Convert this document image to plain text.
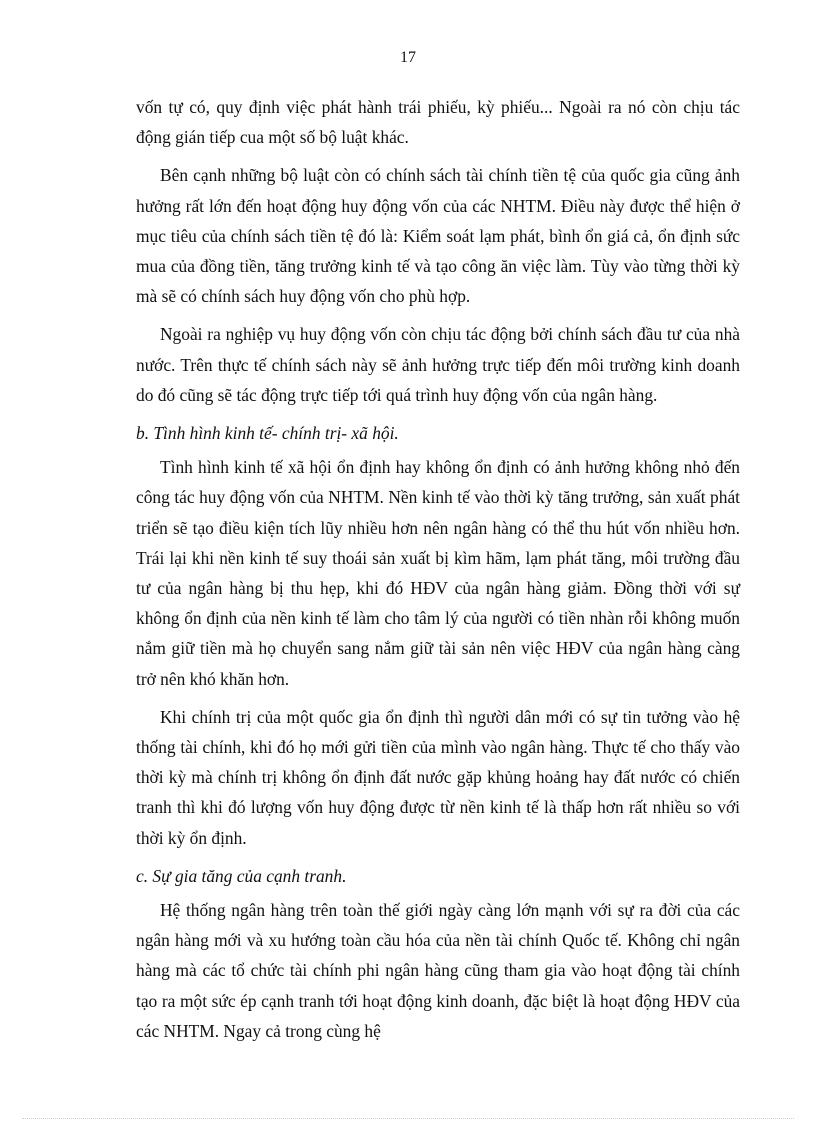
17

vốn tự có, quy định việc phát hành trái phiếu, kỳ phiếu... Ngoài ra nó còn chịu tác động gián tiếp cua một số bộ luật khác.

Bên cạnh những bộ luật còn có chính sách tài chính tiền tệ của quốc gia cũng ảnh hưởng rất lớn đến hoạt động huy động vốn của các NHTM. Điều này được thể hiện ở mục tiêu của chính sách tiền tệ đó là: Kiểm soát lạm phát, bình ổn giá cả, ổn định sức mua của đồng tiền, tăng trưởng kinh tế và tạo công ăn việc làm. Tùy vào từng thời kỳ mà sẽ có chính sách huy động vốn cho phù hợp.

Ngoài ra nghiệp vụ huy động vốn còn chịu tác động bởi chính sách đầu tư của nhà nước. Trên thực tế chính sách này sẽ ảnh hưởng trực tiếp đến môi trường kinh doanh do đó cũng sẽ tác động trực tiếp tới quá trình huy động vốn của ngân hàng.

b. Tình hình kinh tế- chính trị- xã hội.

Tình hình kinh tế xã hội ổn định hay không ổn định có ảnh hưởng không nhỏ đến công tác huy động vốn của NHTM. Nền kinh tế vào thời kỳ tăng trưởng, sản xuất phát triển sẽ tạo điều kiện tích lũy nhiều hơn nên ngân hàng có thể thu hút vốn nhiều hơn. Trái lại khi nền kinh tế suy thoái sản xuất bị kìm hãm, lạm phát tăng, môi trường đầu tư của ngân hàng bị thu hẹp, khi đó HĐV của ngân hàng giảm. Đồng thời với sự không ổn định của nền kinh tế làm cho tâm lý của người có tiền nhàn rỗi không muốn nắm giữ tiền mà họ chuyển sang nắm giữ tài sản nên việc HĐV của ngân hàng càng trở nên khó khăn hơn.

Khi chính trị của một quốc gia ổn định thì người dân mới có sự tin tưởng vào hệ thống tài chính, khi đó họ mới gửi tiền của mình vào ngân hàng. Thực tế cho thấy vào thời kỳ mà chính trị không ổn định đất nước gặp khủng hoảng hay đất nước có chiến tranh thì khi đó lượng vốn huy động được từ nền kinh tế là thấp hơn rất nhiều so với thời kỳ ổn định.

c. Sự gia tăng của cạnh tranh.

Hệ thống ngân hàng trên toàn thế giới ngày càng lớn mạnh với sự ra đời của các ngân hàng mới và xu hướng toàn cầu hóa của nền tài chính Quốc tế. Không chỉ ngân hàng mà các tổ chức tài chính phi ngân hàng cũng tham gia vào hoạt động tài chính tạo ra một sức ép cạnh tranh tới hoạt động kinh doanh, đặc biệt là hoạt động HĐV của các NHTM. Ngay cả trong cùng hệ
